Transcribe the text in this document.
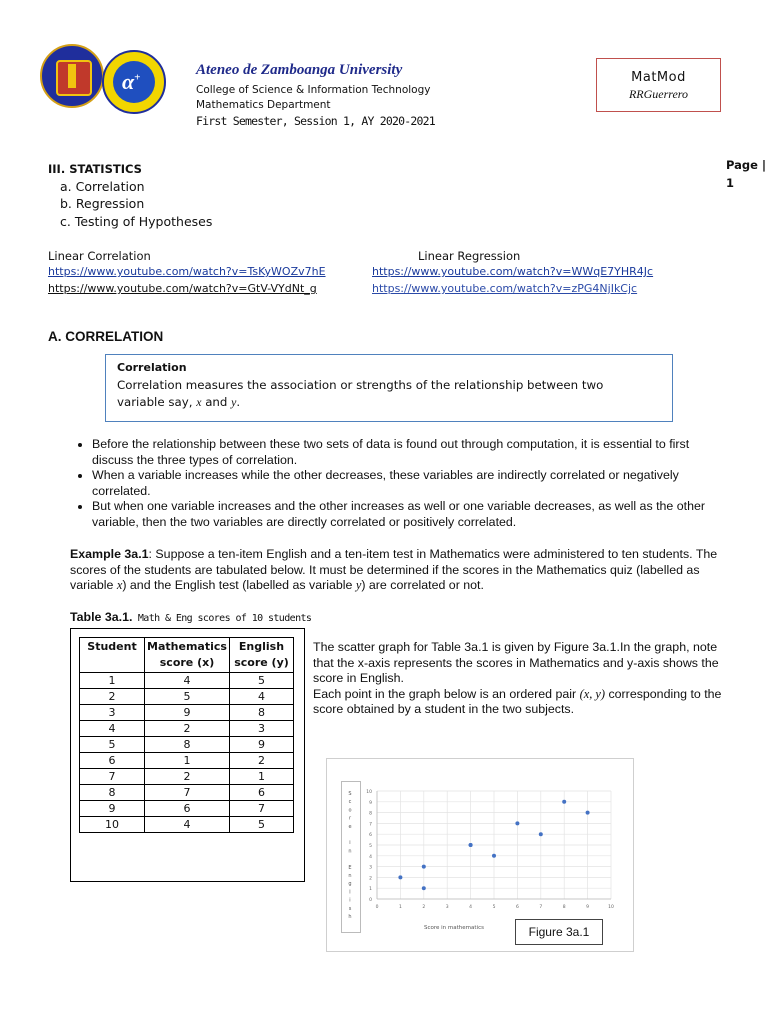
α+	Ateneo de Zamboanga University
College of Science & Information Technology
Mathematics Department
First Semester, Session 1, AY 2020-2021
MatMod
RRGuerrero
Page |
1
III. STATISTICS
a. Correlation
b. Regression
c. Testing of Hypotheses
Linear Correlation	Linear Regression
https://www.youtube.com/watch?v=TsKyWOZv7hE
https://www.youtube.com/watch?v=GtV-VYdNt_g
https://www.youtube.com/watch?v=WWqE7YHR4Jc
https://www.youtube.com/watch?v=zPG4NjIkCjc
A. CORRELATION
Correlation
Correlation measures the association or strengths of the relationship between two
variable say, x and y.
• Before the relationship between these two sets of data is found out through computation, it is essential to first discuss the three types of correlation.
• When a variable increases while the other decreases, these variables are indirectly correlated or negatively correlated.
• But when one variable increases and the other increases as well or one variable decreases, as well as the other variable, then the two variables are directly correlated or positively correlated.
Example 3a.1: Suppose a ten-item English and a ten-item test in Mathematics were administered to ten students. The scores of the students are tabulated below. It must be determined if the scores in the Mathematics quiz (labelled as variable x) and the English test (labelled as variable y) are correlated or not.
Table 3a.1. Math & Eng scores of 10 students
Student	Mathematics score (x)	English score (y)
1	4	5
2	5	4
3	9	8
4	2	3
5	8	9
6	1	2
7	2	1
8	7	6
9	6	7
10	4	5
The scatter graph for Table 3a.1 is given by Figure 3a.1.In the graph, note that the x-axis represents the scores in Mathematics and y-axis shows the score in English.
Each point in the graph below is an ordered pair (x, y) corresponding to the score obtained by a student in the two subjects.
0	1	2	3	4	5	6	7	8	9	10
0
1
2
3
4
5
6
7
8
9
10
Score in mathematics
S c o r e i n E n g l i s h
Figure 3a.1
